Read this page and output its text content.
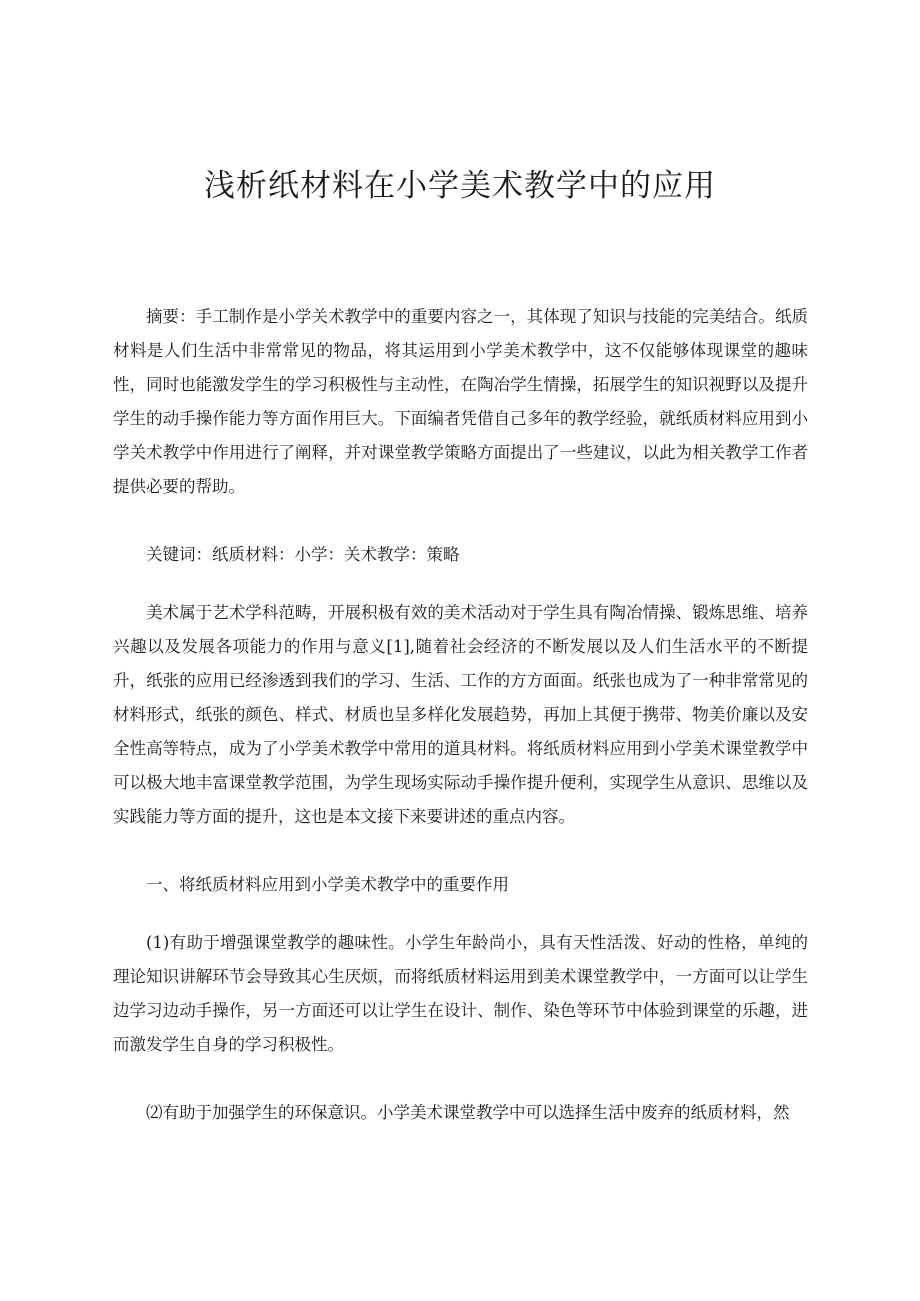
浅析纸材料在小学美术教学中的应用

摘要：手工制作是小学关术教学中的重要内容之一，其体现了知识与技能的完美结合。纸质材料是人们生活中非常常见的物品，将其运用到小学美术教学中，这不仅能够体现课堂的趣味性，同时也能激发学生的学习积极性与主动性，在陶冶学生情操，拓展学生的知识视野以及提升学生的动手操作能力等方面作用巨大。下面编者凭借自己多年的教学经验，就纸质材料应用到小学关术教学中作用进行了阐释，并对课堂教学策略方面提出了一些建议，以此为相关教学工作者提供必要的帮助。

关键词：纸质材料：小学：关术教学：策略

美术属于艺术学科范畴，开展积极有效的美术活动对于学生具有陶冶情操、锻炼思维、培养兴趣以及发展各项能力的作用与意义[1],随着社会经济的不断发展以及人们生活水平的不断提升，纸张的应用已经渗透到我们的学习、生活、工作的方方面面。纸张也成为了一种非常常见的材料形式，纸张的颜色、样式、材质也呈多样化发展趋势，再加上其便于携带、物美价廉以及安全性高等特点，成为了小学美术教学中常用的道具材料。将纸质材料应用到小学美术课堂教学中可以极大地丰富课堂教学范围，为学生现场实际动手操作提升便利，实现学生从意识、思维以及实践能力等方面的提升，这也是本文接下来要讲述的重点内容。

一、将纸质材料应用到小学美术教学中的重要作用

(1)有助于增强课堂教学的趣味性。小学生年龄尚小，具有天性活泼、好动的性格，单纯的理论知识讲解环节会导致其心生厌烦，而将纸质材料运用到美术课堂教学中，一方面可以让学生边学习边动手操作，另一方面还可以让学生在设计、制作、染色等环节中体验到课堂的乐趣，进而激发学生自身的学习积极性。

⑵有助于加强学生的环保意识。小学美术课堂教学中可以选择生活中废弃的纸质材料，然
